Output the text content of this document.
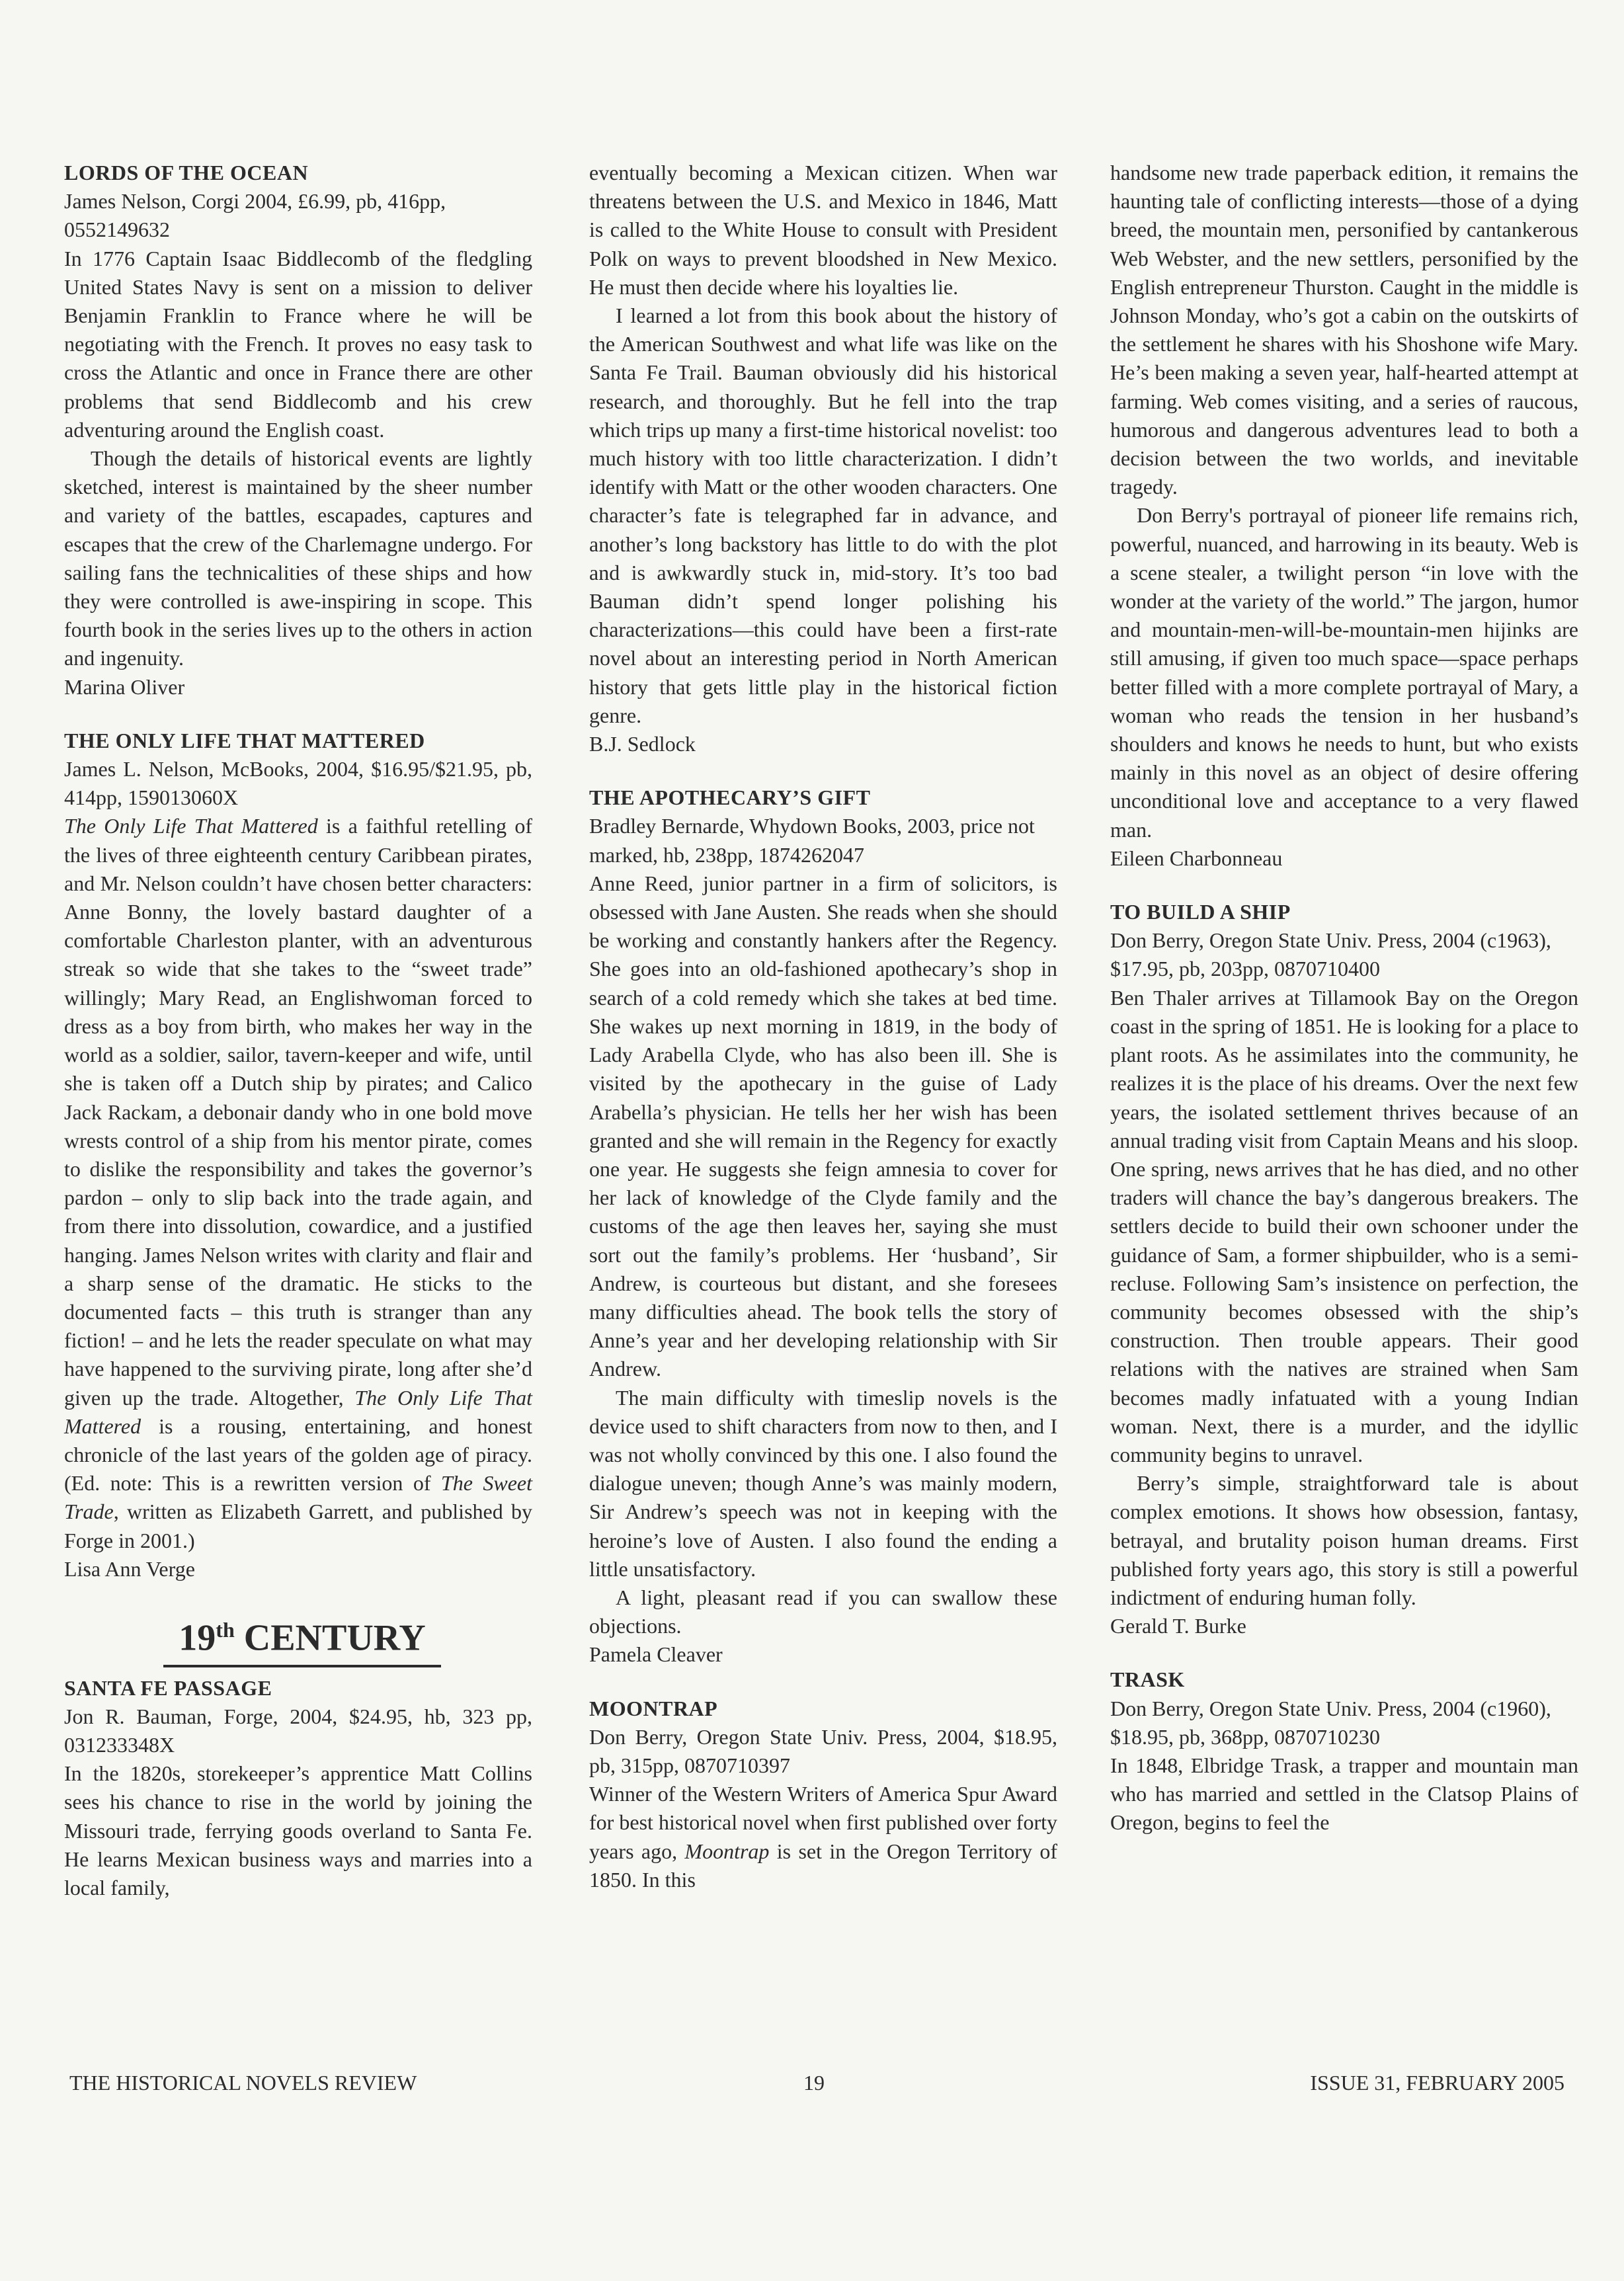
LORDS OF THE OCEAN

James Nelson, Corgi 2004, £6.99, pb, 416pp, 0552149632

In 1776 Captain Isaac Biddlecomb of the fledgling United States Navy is sent on a mission to deliver Benjamin Franklin to France where he will be negotiating with the French. It proves no easy task to cross the Atlantic and once in France there are other problems that send Biddlecomb and his crew adventuring around the English coast.

Though the details of historical events are lightly sketched, interest is maintained by the sheer number and variety of the battles, escapades, captures and escapes that the crew of the Charlemagne undergo. For sailing fans the technicalities of these ships and how they were controlled is awe-inspiring in scope. This fourth book in the series lives up to the others in action and ingenuity.

Marina Oliver

THE ONLY LIFE THAT MATTERED

James L. Nelson, McBooks, 2004, $16.95/$21.95, pb, 414pp, 159013060X

The Only Life That Mattered is a faithful retelling of the lives of three eighteenth century Caribbean pirates, and Mr. Nelson couldn’t have chosen better characters: Anne Bonny, the lovely bastard daughter of a comfortable Charleston planter, with an adventurous streak so wide that she takes to the “sweet trade” willingly; Mary Read, an Englishwoman forced to dress as a boy from birth, who makes her way in the world as a soldier, sailor, tavern-keeper and wife, until she is taken off a Dutch ship by pirates; and Calico Jack Rackam, a debonair dandy who in one bold move wrests control of a ship from his mentor pirate, comes to dislike the responsibility and takes the governor’s pardon – only to slip back into the trade again, and from there into dissolution, cowardice, and a justified hanging. James Nelson writes with clarity and flair and a sharp sense of the dramatic. He sticks to the documented facts – this truth is stranger than any fiction! – and he lets the reader speculate on what may have happened to the surviving pirate, long after she’d given up the trade. Altogether, The Only Life That Mattered is a rousing, entertaining, and honest chronicle of the last years of the golden age of piracy. (Ed. note: This is a rewritten version of The Sweet Trade, written as Elizabeth Garrett, and published by Forge in 2001.)

Lisa Ann Verge

19th CENTURY

SANTA FE PASSAGE

Jon R. Bauman, Forge, 2004, $24.95, hb, 323 pp, 031233348X

In the 1820s, storekeeper’s apprentice Matt Collins sees his chance to rise in the world by joining the Missouri trade, ferrying goods overland to Santa Fe. He learns Mexican business ways and marries into a local family,

eventually becoming a Mexican citizen. When war threatens between the U.S. and Mexico in 1846, Matt is called to the White House to consult with President Polk on ways to prevent bloodshed in New Mexico. He must then decide where his loyalties lie.

I learned a lot from this book about the history of the American Southwest and what life was like on the Santa Fe Trail. Bauman obviously did his historical research, and thoroughly. But he fell into the trap which trips up many a first-time historical novelist: too much history with too little characterization. I didn’t identify with Matt or the other wooden characters. One character’s fate is telegraphed far in advance, and another’s long backstory has little to do with the plot and is awkwardly stuck in, mid-story. It’s too bad Bauman didn’t spend longer polishing his characterizations—this could have been a first-rate novel about an interesting period in North American history that gets little play in the historical fiction genre.

B.J. Sedlock

THE APOTHECARY’S GIFT

Bradley Bernarde, Whydown Books, 2003, price not marked, hb, 238pp, 1874262047

Anne Reed, junior partner in a firm of solicitors, is obsessed with Jane Austen. She reads when she should be working and constantly hankers after the Regency. She goes into an old-fashioned apothecary’s shop in search of a cold remedy which she takes at bed time. She wakes up next morning in 1819, in the body of Lady Arabella Clyde, who has also been ill. She is visited by the apothecary in the guise of Lady Arabella’s physician. He tells her her wish has been granted and she will remain in the Regency for exactly one year. He suggests she feign amnesia to cover for her lack of knowledge of the Clyde family and the customs of the age then leaves her, saying she must sort out the family’s problems. Her ‘husband’, Sir Andrew, is courteous but distant, and she foresees many difficulties ahead. The book tells the story of Anne’s year and her developing relationship with Sir Andrew.

The main difficulty with timeslip novels is the device used to shift characters from now to then, and I was not wholly convinced by this one. I also found the dialogue uneven; though Anne’s was mainly modern, Sir Andrew’s speech was not in keeping with the heroine’s love of Austen. I also found the ending a little unsatisfactory.

A light, pleasant read if you can swallow these objections.

Pamela Cleaver

MOONTRAP

Don Berry, Oregon State Univ. Press, 2004, $18.95, pb, 315pp, 0870710397

Winner of the Western Writers of America Spur Award for best historical novel when first published over forty years ago, Moontrap is set in the Oregon Territory of 1850. In this

handsome new trade paperback edition, it remains the haunting tale of conflicting interests—those of a dying breed, the mountain men, personified by cantankerous Web Webster, and the new settlers, personified by the English entrepreneur Thurston. Caught in the middle is Johnson Monday, who’s got a cabin on the outskirts of the settlement he shares with his Shoshone wife Mary. He’s been making a seven year, half-hearted attempt at farming. Web comes visiting, and a series of raucous, humorous and dangerous adventures lead to both a decision between the two worlds, and inevitable tragedy.

Don Berry's portrayal of pioneer life remains rich, powerful, nuanced, and harrowing in its beauty. Web is a scene stealer, a twilight person “in love with the wonder at the variety of the world.” The jargon, humor and mountain-men-will-be-mountain-men hijinks are still amusing, if given too much space—space perhaps better filled with a more complete portrayal of Mary, a woman who reads the tension in her husband’s shoulders and knows he needs to hunt, but who exists mainly in this novel as an object of desire offering unconditional love and acceptance to a very flawed man.

Eileen Charbonneau

TO BUILD A SHIP

Don Berry, Oregon State Univ. Press, 2004 (c1963), $17.95, pb, 203pp, 0870710400

Ben Thaler arrives at Tillamook Bay on the Oregon coast in the spring of 1851. He is looking for a place to plant roots. As he assimilates into the community, he realizes it is the place of his dreams. Over the next few years, the isolated settlement thrives because of an annual trading visit from Captain Means and his sloop. One spring, news arrives that he has died, and no other traders will chance the bay’s dangerous breakers. The settlers decide to build their own schooner under the guidance of Sam, a former shipbuilder, who is a semi-recluse. Following Sam’s insistence on perfection, the community becomes obsessed with the ship’s construction. Then trouble appears. Their good relations with the natives are strained when Sam becomes madly infatuated with a young Indian woman. Next, there is a murder, and the idyllic community begins to unravel.

Berry’s simple, straightforward tale is about complex emotions. It shows how obsession, fantasy, betrayal, and brutality poison human dreams. First published forty years ago, this story is still a powerful indictment of enduring human folly.

Gerald T. Burke

TRASK

Don Berry, Oregon State Univ. Press, 2004 (c1960), $18.95, pb, 368pp, 0870710230

In 1848, Elbridge Trask, a trapper and mountain man who has married and settled in the Clatsop Plains of Oregon, begins to feel the

THE HISTORICAL NOVELS REVIEW	19	ISSUE 31, FEBRUARY 2005
